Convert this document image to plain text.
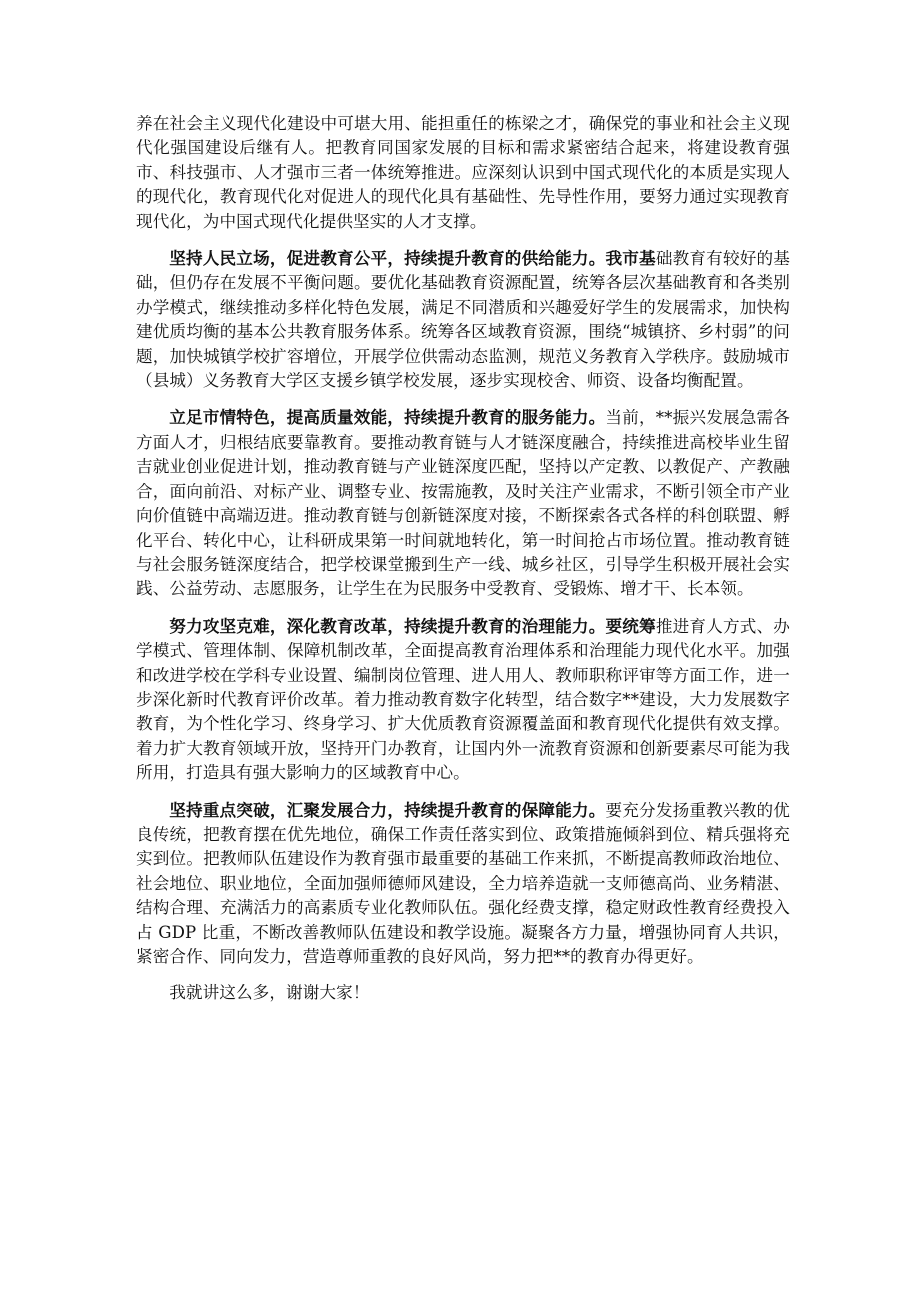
养在社会主义现代化建设中可堪大用、能担重任的栋梁之才，确保党的事业和社会主义现代化强国建设后继有人。把教育同国家发展的目标和需求紧密结合起来，将建设教育强市、科技强市、人才强市三者一体统筹推进。应深刻认识到中国式现代化的本质是实现人的现代化，教育现代化对促进人的现代化具有基础性、先导性作用，要努力通过实现教育现代化，为中国式现代化提供坚实的人才支撑。

坚持人民立场，促进教育公平，持续提升教育的供给能力。我市基础教育有较好的基础，但仍存在发展不平衡问题。要优化基础教育资源配置，统筹各层次基础教育和各类别办学模式，继续推动多样化特色发展，满足不同潜质和兴趣爱好学生的发展需求，加快构建优质均衡的基本公共教育服务体系。统筹各区域教育资源，围绕“城镇挤、乡村弱”的问题，加快城镇学校扩容增位，开展学位供需动态监测，规范义务教育入学秩序。鼓励城市（县城）义务教育大学区支援乡镇学校发展，逐步实现校舍、师资、设备均衡配置。

立足市情特色，提高质量效能，持续提升教育的服务能力。当前，**振兴发展急需各方面人才，归根结底要靠教育。要推动教育链与人才链深度融合，持续推进高校毕业生留吉就业创业促进计划，推动教育链与产业链深度匹配，坚持以产定教、以教促产、产教融合，面向前沿、对标产业、调整专业、按需施教，及时关注产业需求，不断引领全市产业向价值链中高端迈进。推动教育链与创新链深度对接，不断探索各式各样的科创联盟、孵化平台、转化中心，让科研成果第一时间就地转化，第一时间抢占市场位置。推动教育链与社会服务链深度结合，把学校课堂搬到生产一线、城乡社区，引导学生积极开展社会实践、公益劳动、志愿服务，让学生在为民服务中受教育、受锻炼、增才干、长本领。

努力攻坚克难，深化教育改革，持续提升教育的治理能力。要统筹推进育人方式、办学模式、管理体制、保障机制改革，全面提高教育治理体系和治理能力现代化水平。加强和改进学校在学科专业设置、编制岗位管理、进人用人、教师职称评审等方面工作，进一步深化新时代教育评价改革。着力推动教育数字化转型，结合数字**建设，大力发展数字教育，为个性化学习、终身学习、扩大优质教育资源覆盖面和教育现代化提供有效支撑。着力扩大教育领域开放，坚持开门办教育，让国内外一流教育资源和创新要素尽可能为我所用，打造具有强大影响力的区域教育中心。

坚持重点突破，汇聚发展合力，持续提升教育的保障能力。要充分发扬重教兴教的优良传统，把教育摆在优先地位，确保工作责任落实到位、政策措施倾斜到位、精兵强将充实到位。把教师队伍建设作为教育强市最重要的基础工作来抓，不断提高教师政治地位、社会地位、职业地位，全面加强师德师风建设，全力培养造就一支师德高尚、业务精湛、结构合理、充满活力的高素质专业化教师队伍。强化经费支撑，稳定财政性教育经费投入占 GDP 比重，不断改善教师队伍建设和教学设施。凝聚各方力量，增强协同育人共识，紧密合作、同向发力，营造尊师重教的良好风尚，努力把**的教育办得更好。

我就讲这么多，谢谢大家！
